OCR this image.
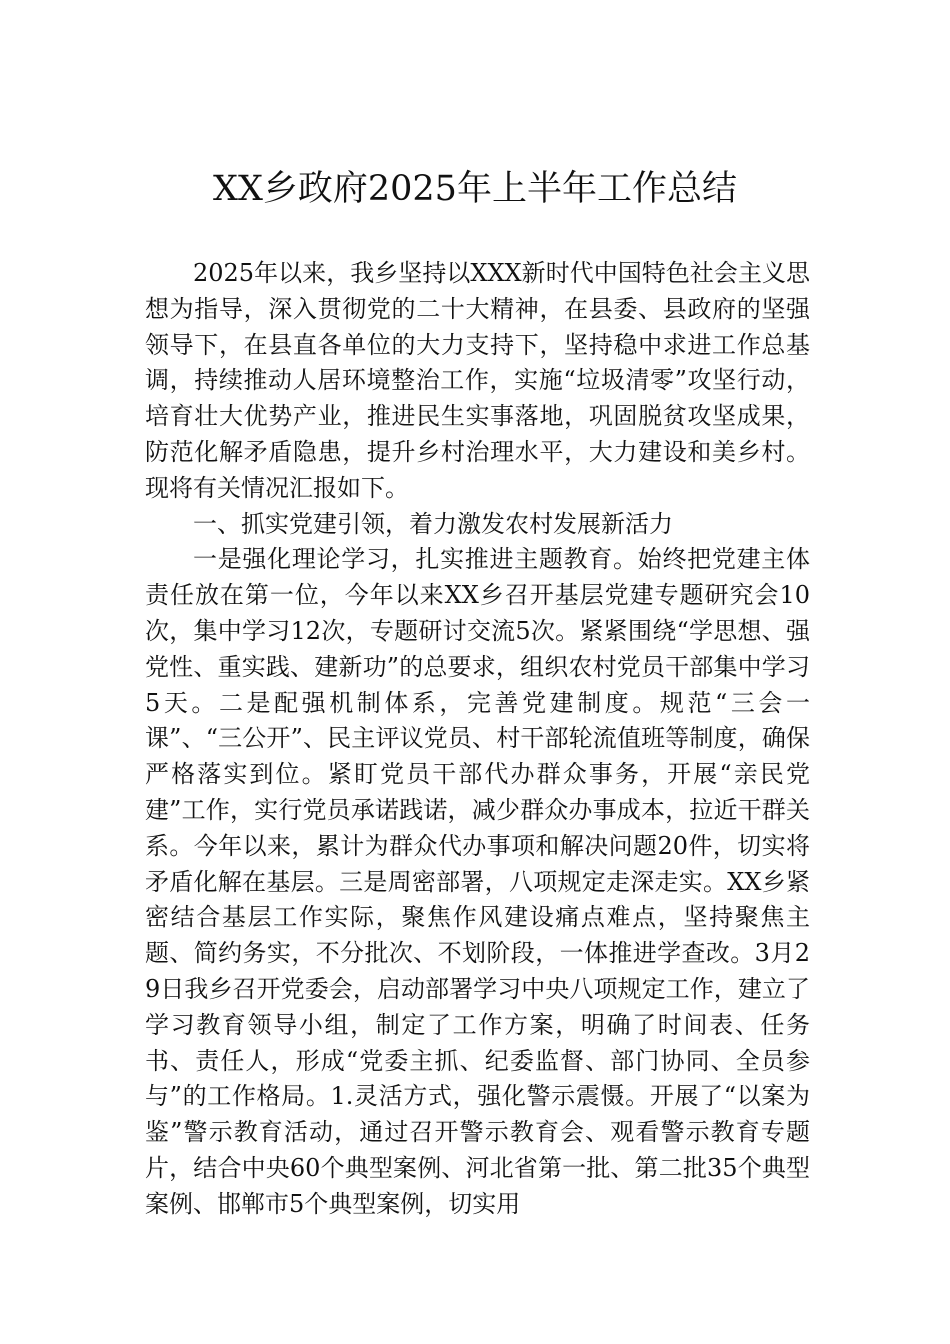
XX乡政府2025年上半年工作总结

2025年以来，我乡坚持以XXX新时代中国特色社会主义思想为指导，深入贯彻党的二十大精神，在县委、县政府的坚强领导下，在县直各单位的大力支持下，坚持稳中求进工作总基调，持续推动人居环境整治工作，实施“垃圾清零”攻坚行动，培育壮大优势产业，推进民生实事落地，巩固脱贫攻坚成果，防范化解矛盾隐患，提升乡村治理水平，大力建设和美乡村。现将有关情况汇报如下。

一、抓实党建引领，着力激发农村发展新活力

一是强化理论学习，扎实推进主题教育。始终把党建主体责任放在第一位，今年以来XX乡召开基层党建专题研究会10次，集中学习12次，专题研讨交流5次。紧紧围绕“学思想、强党性、重实践、建新功”的总要求，组织农村党员干部集中学习5天。二是配强机制体系，完善党建制度。规范“三会一课”、“三公开”、民主评议党员、村干部轮流值班等制度，确保严格落实到位。紧盯党员干部代办群众事务，开展“亲民党建”工作，实行党员承诺践诺，减少群众办事成本，拉近干群关系。今年以来，累计为群众代办事项和解决问题20件，切实将矛盾化解在基层。三是周密部署，八项规定走深走实。XX乡紧密结合基层工作实际，聚焦作风建设痛点难点，坚持聚焦主题、简约务实，不分批次、不划阶段，一体推进学查改。3月29日我乡召开党委会，启动部署学习中央八项规定工作，建立了学习教育领导小组，制定了工作方案，明确了时间表、任务书、责任人，形成“党委主抓、纪委监督、部门协同、全员参与”的工作格局。1.灵活方式，强化警示震慑。开展了“以案为鉴”警示教育活动，通过召开警示教育会、观看警示教育专题片，结合中央60个典型案例、河北省第一批、第二批35个典型案例、邯郸市5个典型案例，切实用
